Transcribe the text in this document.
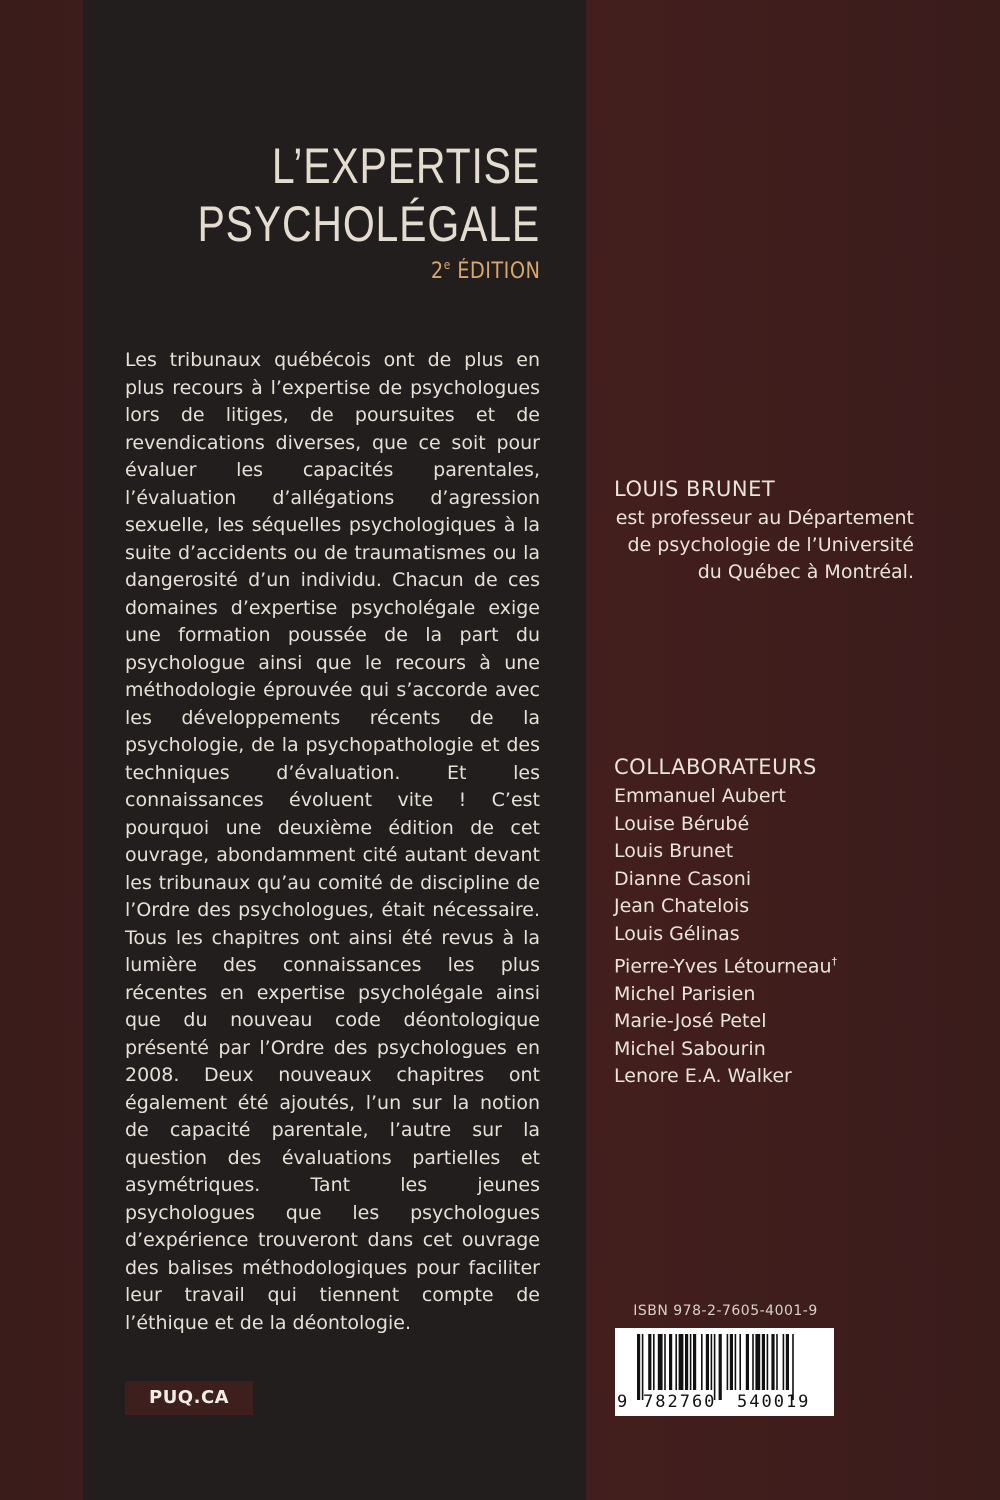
L’EXPERTISE
PSYCHOLÉGALE
2e ÉDITION
Les tribunaux québécois ont de plus en plus recours à l’expertise de psychologues lors de litiges, de poursuites et de revendications diverses, que ce soit pour évaluer les capacités parentales, l’évaluation d’allégations d’agression sexuelle, les séquelles psychologiques à la suite d’accidents ou de traumatismes ou la dangerosité d’un individu. Chacun de ces domaines d’expertise psycholégale exige une formation poussée de la part du psychologue ainsi que le recours à une méthodologie éprouvée qui s’accorde avec les développements récents de la psychologie, de la psychopathologie et des techniques d’évaluation. Et les connaissances évoluent vite ! C’est pourquoi une deuxième édition de cet ouvrage, abondamment cité autant devant les tribunaux qu’au comité de discipline de l’Ordre des psychologues, était nécessaire. Tous les chapitres ont ainsi été revus à la lumière des connaissances les plus récentes en expertise psycholégale ainsi que du nouveau code déontologique présenté par l’Ordre des psychologues en 2008. Deux nouveaux chapitres ont également été ajoutés, l’un sur la notion de capacité parentale, l’autre sur la question des évaluations partielles et asymétriques. Tant les jeunes psychologues que les psychologues d’expérience trouveront dans cet ouvrage des balises méthodologiques pour faciliter leur travail qui tiennent compte de l’éthique et de la déontologie.
PUQ.CA
LOUIS BRUNET
est professeur au Département de psychologie de l’Université du Québec à Montréal.
COLLABORATEURS
Emmanuel Aubert
Louise Bérubé
Louis Brunet
Dianne Casoni
Jean Chatelois
Louis Gélinas
Pierre-Yves Létourneau†
Michel Parisien
Marie-José Petel
Michel Sabourin
Lenore E.A. Walker
ISBN 978-2-7605-4001-9
9 782760 540019
